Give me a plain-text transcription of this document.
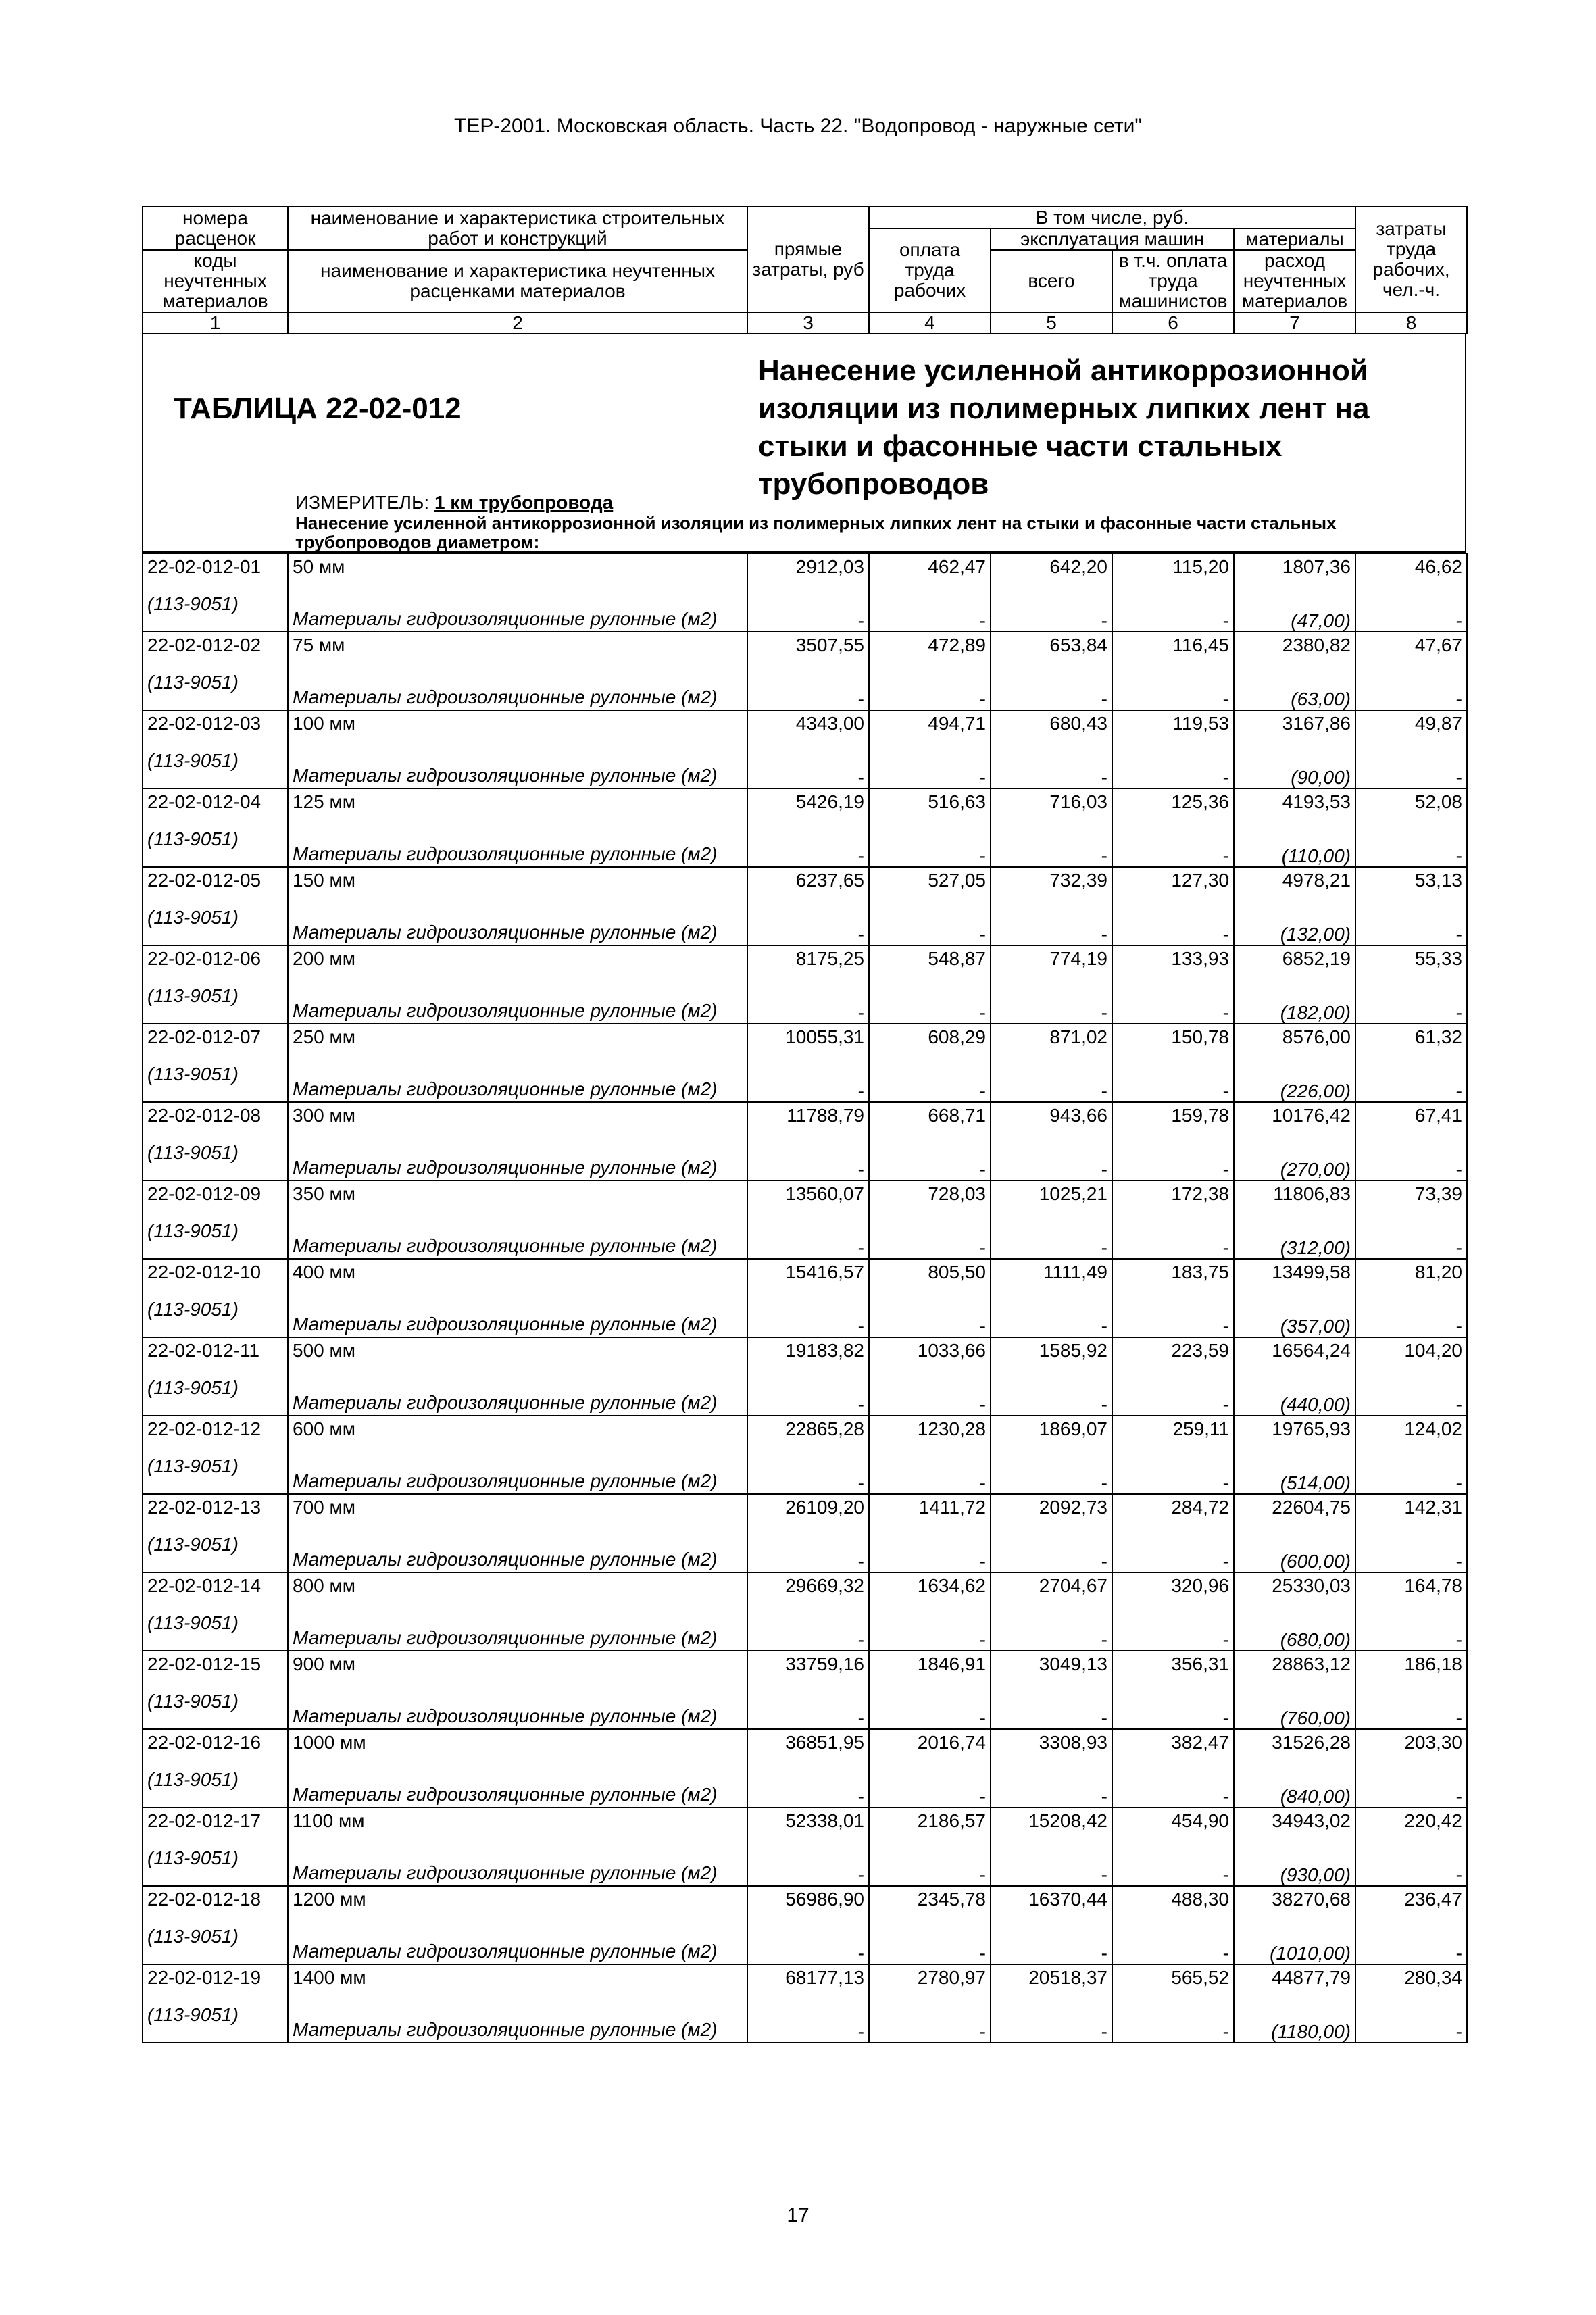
ТЕР-2001. Московская область. Часть 22. "Водопровод - наружные сети"
номера расценок	наименование и характеристика строительных работ и конструкций	прямые затраты, руб	В том числе, руб.				затраты труда рабочих, чел.-ч.
			оплата труда рабочих	эксплуатация машин		материалы	
коды неучтенных материалов	наименование и характеристика неучтенных расценками материалов			всего	в т.ч. оплата труда машинистов	расход неучтенных материалов	

1	2	3	4	5	6	7	8
ТАБЛИЦА 22-02-012
Нанесение усиленной антикоррозионной изоляции из полимерных липких лент на стыки и фасонные части стальных трубопроводов
ИЗМЕРИТЕЛЬ: 1 км трубопровода
Нанесение усиленной антикоррозионной изоляции из полимерных липких лент на стыки и фасонные части стальных трубопроводов диаметром:
22-02-012-01	50 мм	2912,03	462,47	642,20	115,20	1807,36	46,62

(113-9051)	Материалы гидроизоляционные рулонные (м2)	-	-	-	-	(47,00)	-
22-02-012-02	75 мм	3507,55	472,89	653,84	116,45	2380,82	47,67

(113-9051)	Материалы гидроизоляционные рулонные (м2)	-	-	-	-	(63,00)	-
22-02-012-03	100 мм	4343,00	494,71	680,43	119,53	3167,86	49,87

(113-9051)	Материалы гидроизоляционные рулонные (м2)	-	-	-	-	(90,00)	-
22-02-012-04	125 мм	5426,19	516,63	716,03	125,36	4193,53	52,08

(113-9051)	Материалы гидроизоляционные рулонные (м2)	-	-	-	-	(110,00)	-
22-02-012-05	150 мм	6237,65	527,05	732,39	127,30	4978,21	53,13

(113-9051)	Материалы гидроизоляционные рулонные (м2)	-	-	-	-	(132,00)	-
22-02-012-06	200 мм	8175,25	548,87	774,19	133,93	6852,19	55,33

(113-9051)	Материалы гидроизоляционные рулонные (м2)	-	-	-	-	(182,00)	-
22-02-012-07	250 мм	10055,31	608,29	871,02	150,78	8576,00	61,32

(113-9051)	Материалы гидроизоляционные рулонные (м2)	-	-	-	-	(226,00)	-
22-02-012-08	300 мм	11788,79	668,71	943,66	159,78	10176,42	67,41

(113-9051)	Материалы гидроизоляционные рулонные (м2)	-	-	-	-	(270,00)	-
22-02-012-09	350 мм	13560,07	728,03	1025,21	172,38	11806,83	73,39

(113-9051)	Материалы гидроизоляционные рулонные (м2)	-	-	-	-	(312,00)	-
22-02-012-10	400 мм	15416,57	805,50	1111,49	183,75	13499,58	81,20

(113-9051)	Материалы гидроизоляционные рулонные (м2)	-	-	-	-	(357,00)	-
22-02-012-11	500 мм	19183,82	1033,66	1585,92	223,59	16564,24	104,20

(113-9051)	Материалы гидроизоляционные рулонные (м2)	-	-	-	-	(440,00)	-
22-02-012-12	600 мм	22865,28	1230,28	1869,07	259,11	19765,93	124,02

(113-9051)	Материалы гидроизоляционные рулонные (м2)	-	-	-	-	(514,00)	-
22-02-012-13	700 мм	26109,20	1411,72	2092,73	284,72	22604,75	142,31

(113-9051)	Материалы гидроизоляционные рулонные (м2)	-	-	-	-	(600,00)	-
22-02-012-14	800 мм	29669,32	1634,62	2704,67	320,96	25330,03	164,78

(113-9051)	Материалы гидроизоляционные рулонные (м2)	-	-	-	-	(680,00)	-
22-02-012-15	900 мм	33759,16	1846,91	3049,13	356,31	28863,12	186,18

(113-9051)	Материалы гидроизоляционные рулонные (м2)	-	-	-	-	(760,00)	-
22-02-012-16	1000 мм	36851,95	2016,74	3308,93	382,47	31526,28	203,30

(113-9051)	Материалы гидроизоляционные рулонные (м2)	-	-	-	-	(840,00)	-
22-02-012-17	1100 мм	52338,01	2186,57	15208,42	454,90	34943,02	220,42

(113-9051)	Материалы гидроизоляционные рулонные (м2)	-	-	-	-	(930,00)	-
22-02-012-18	1200 мм	56986,90	2345,78	16370,44	488,30	38270,68	236,47

(113-9051)	Материалы гидроизоляционные рулонные (м2)	-	-	-	-	(1010,00)	-
22-02-012-19	1400 мм	68177,13	2780,97	20518,37	565,52	44877,79	280,34

(113-9051)	Материалы гидроизоляционные рулонные (м2)	-	-	-	-	(1180,00)	-
17
